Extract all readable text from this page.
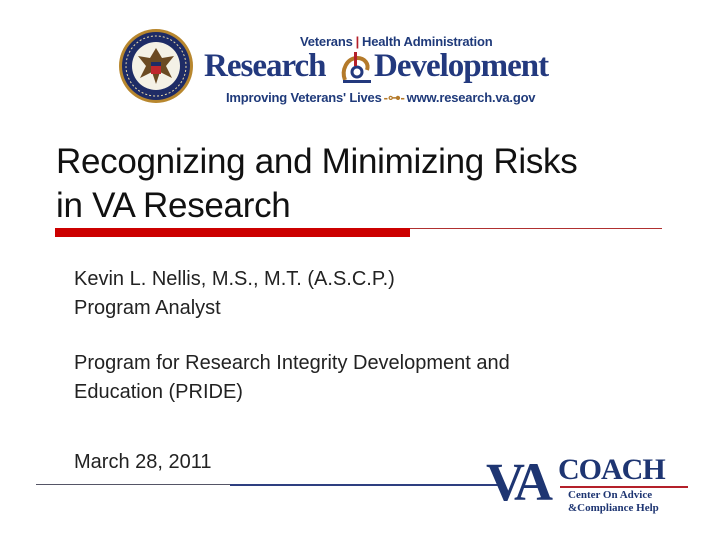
Veterans | Health Administration
Research Development
Improving Veterans' Lives -⊶- www.research.va.gov
Recognizing and Minimizing Risks
in VA Research
Kevin L. Nellis, M.S., M.T. (A.S.C.P.)
Program Analyst
Program for Research Integrity Development and
Education (PRIDE)
March 28, 2011	VA COACH
Center On Advice
&Compliance Help
